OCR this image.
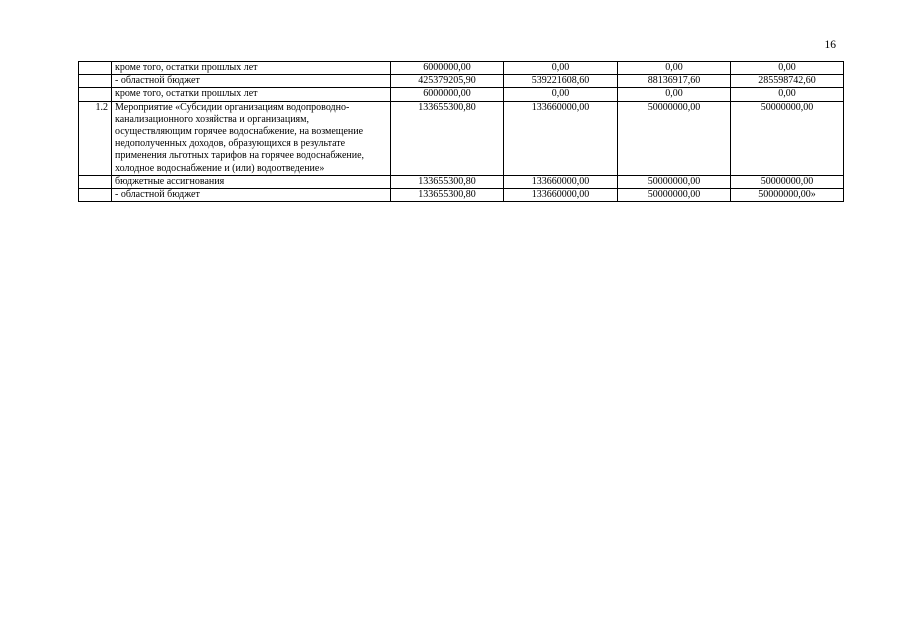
16
	кроме того, остатки прошлых лет	6000000,00	0,00	0,00	0,00
	- областной бюджет	425379205,90	539221608,60	88136917,60	285598742,60
	кроме того, остатки прошлых лет	6000000,00	0,00	0,00	0,00
1.2	Мероприятие «Субсидии организациям водопроводно-канализационного хозяйства и организациям, осуществляющим горячее водоснабжение, на возмещение недополученных доходов, образующихся в результате применения льготных тарифов на горячее водоснабжение, холодное водоснабжение и (или) водоотведение»	133655300,80	133660000,00	50000000,00	50000000,00
	бюджетные ассигнования	133655300,80	133660000,00	50000000,00	50000000,00
	- областной бюджет	133655300,80	133660000,00	50000000,00	50000000,00»
